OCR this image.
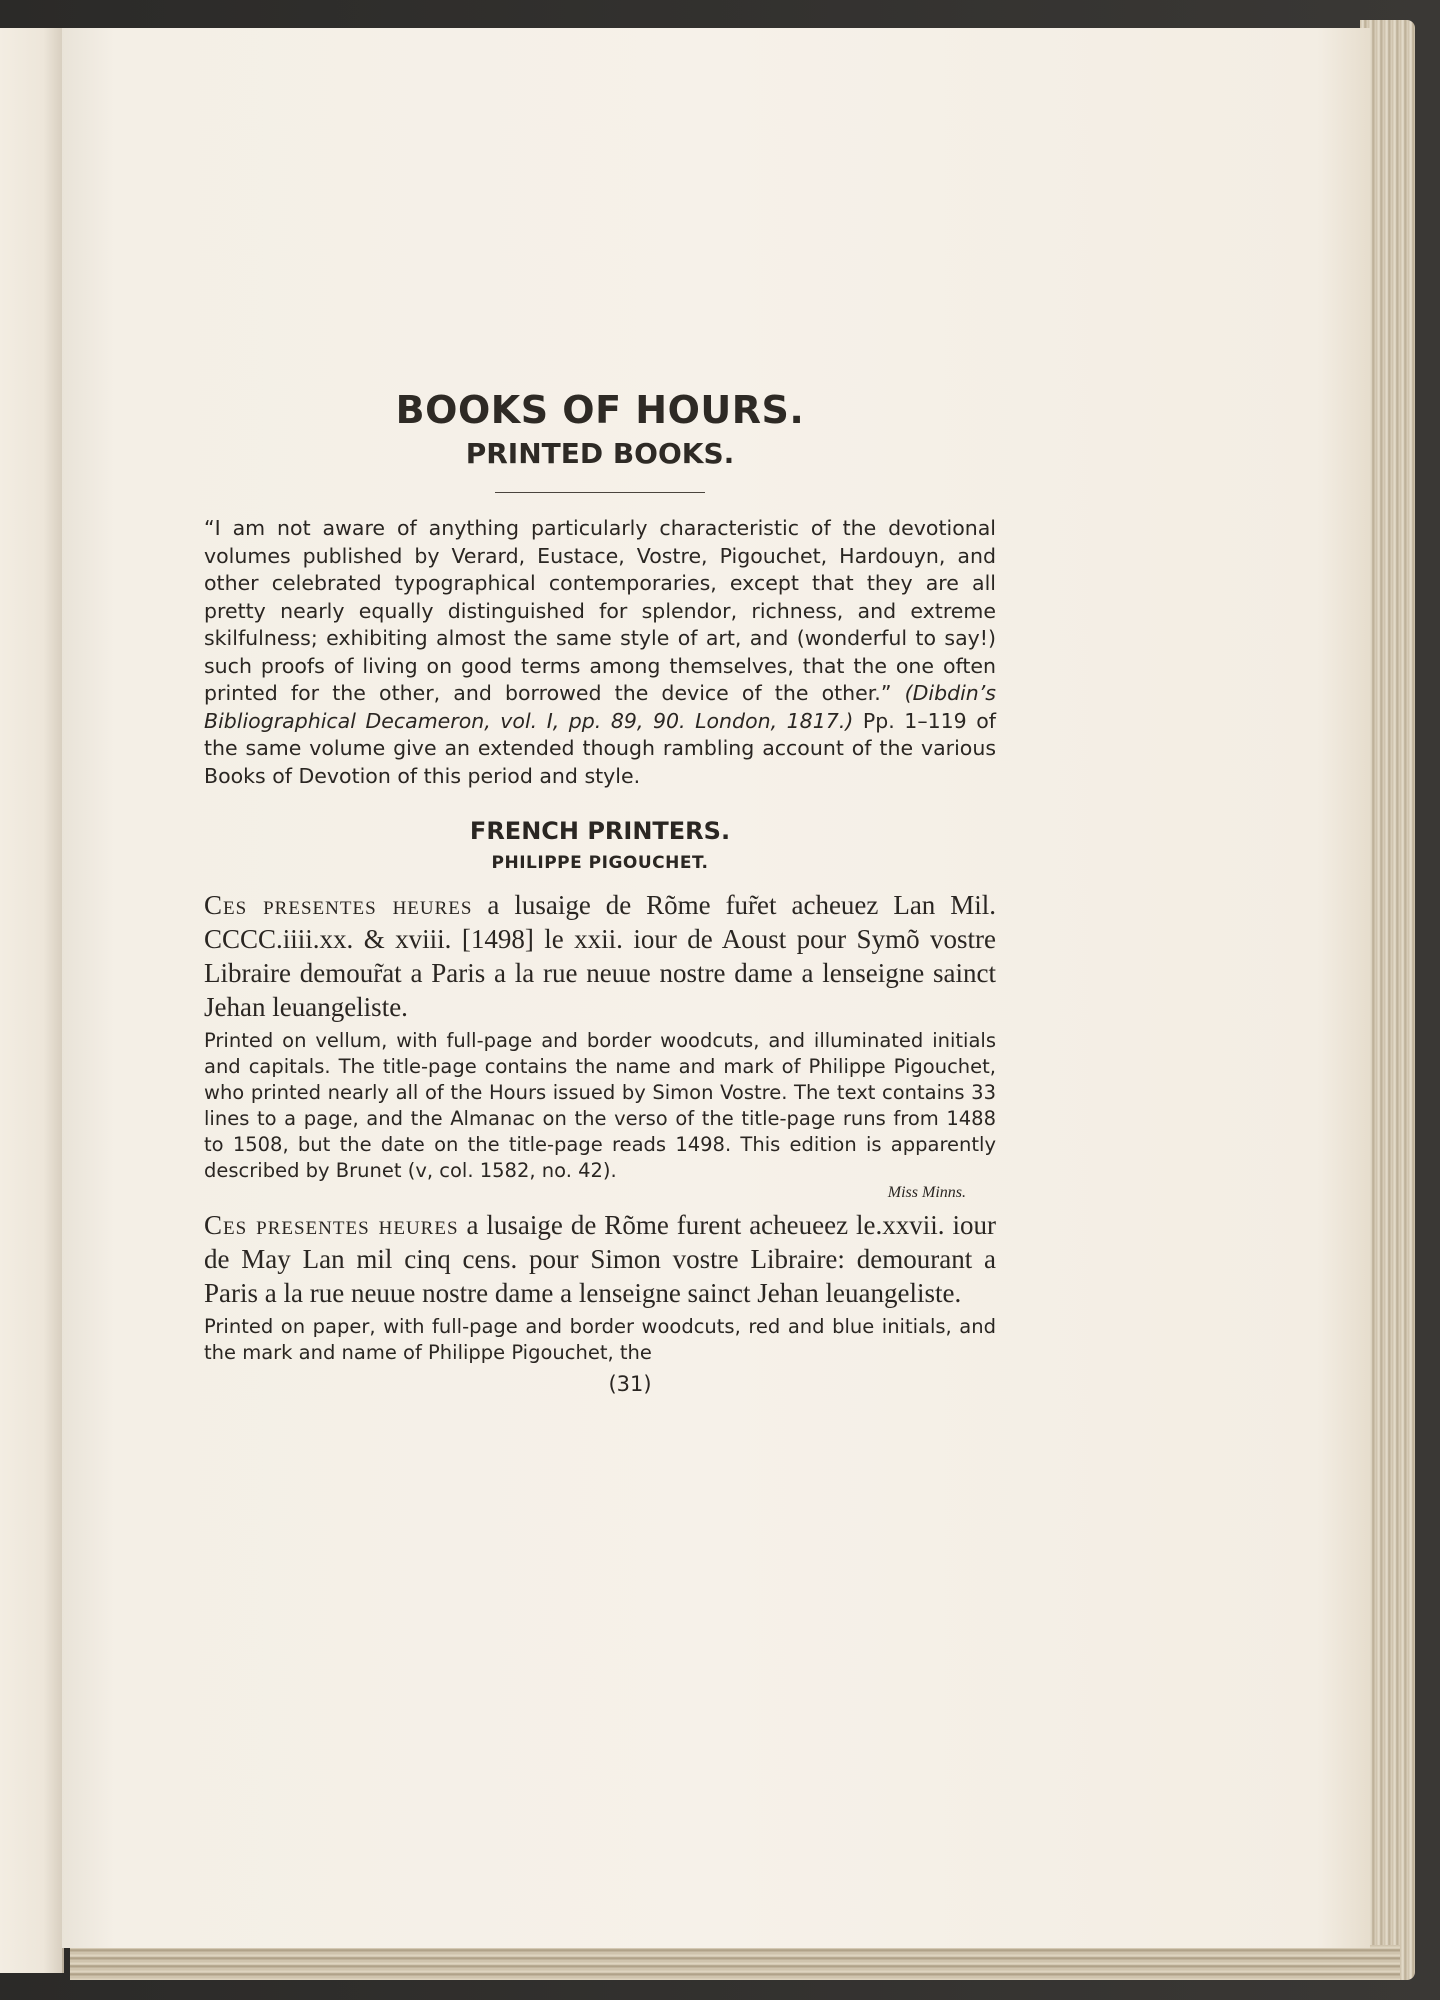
BOOKS OF HOURS.
PRINTED BOOKS.

“I am not aware of anything particularly characteristic of the devotional volumes published by Verard, Eustace, Vostre, Pigouchet, Hardouyn, and other celebrated typographical contemporaries, except that they are all pretty nearly equally distinguished for splendor, richness, and extreme skilfulness; exhibiting almost the same style of art, and (wonderful to say!) such proofs of living on good terms among themselves, that the one often printed for the other, and borrowed the device of the other.” (Dibdin’s Bibliographical Decameron, vol. I, pp. 89, 90. London, 1817.) Pp. 1–119 of the same volume give an extended though rambling account of the various Books of Devotion of this period and style.

FRENCH PRINTERS.
PHILIPPE PIGOUCHET.

Ces presentes heures a lusaige de Rõme fur̃et acheuez Lan Mil. CCCC.iiii.xx. & xviii. [1498] le xxii. iour de Aoust pour Symõ vostre Libraire demour̃at a Paris a la rue neuue nostre dame a lenseigne sainct Jehan leuangeliste.

Printed on vellum, with full-page and border woodcuts, and illuminated initials and capitals. The title-page contains the name and mark of Philippe Pigouchet, who printed nearly all of the Hours issued by Simon Vostre. The text contains 33 lines to a page, and the Almanac on the verso of the title-page runs from 1488 to 1508, but the date on the title-page reads 1498. This edition is apparently described by Brunet (v, col. 1582, no. 42).

Miss Minns.

Ces presentes heures a lusaige de Rõme furent acheueez le.xxvii. iour de May Lan mil cinq cens. pour Simon vostre Libraire: demourant a Paris a la rue neuue nostre dame a lenseigne sainct Jehan leuangeliste.

Printed on paper, with full-page and border woodcuts, red and blue initials, and the mark and name of Philippe Pigouchet, the

(31)
